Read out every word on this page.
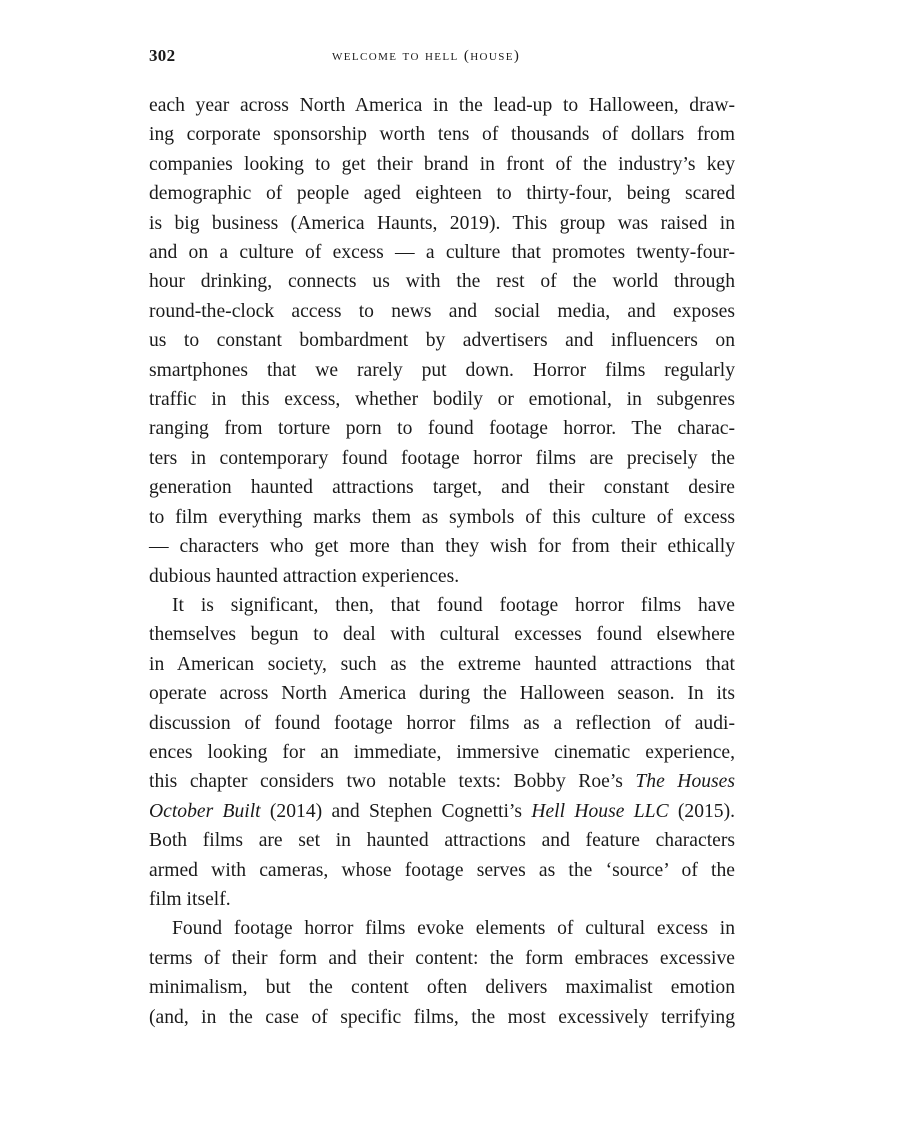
302	welcome to hell (house)

each year across North America in the lead-up to Halloween, draw-
ing corporate sponsorship worth tens of thousands of dollars from
companies looking to get their brand in front of the industry’s key
demographic of people aged eighteen to thirty-four, being scared
is big business (America Haunts, 2019). This group was raised in
and on a culture of excess — a culture that promotes twenty-four-
hour drinking, connects us with the rest of the world through
round-the-clock access to news and social media, and exposes
us to constant bombardment by advertisers and influencers on
smartphones that we rarely put down. Horror films regularly
traffic in this excess, whether bodily or emotional, in subgenres
ranging from torture porn to found footage horror. The charac-
ters in contemporary found footage horror films are precisely the
generation haunted attractions target, and their constant desire
to film everything marks them as symbols of this culture of excess
— characters who get more than they wish for from their ethically
dubious haunted attraction experiences.

It is significant, then, that found footage horror films have
themselves begun to deal with cultural excesses found elsewhere
in American society, such as the extreme haunted attractions that
operate across North America during the Halloween season. In its
discussion of found footage horror films as a reflection of audi-
ences looking for an immediate, immersive cinematic experience,
this chapter considers two notable texts: Bobby Roe’s The Houses
October Built (2014) and Stephen Cognetti’s Hell House LLC (2015).
Both films are set in haunted attractions and feature characters
armed with cameras, whose footage serves as the ‘source’ of the
film itself.

Found footage horror films evoke elements of cultural excess in
terms of their form and their content: the form embraces excessive
minimalism, but the content often delivers maximalist emotion
(and, in the case of specific films, the most excessively terrifying
